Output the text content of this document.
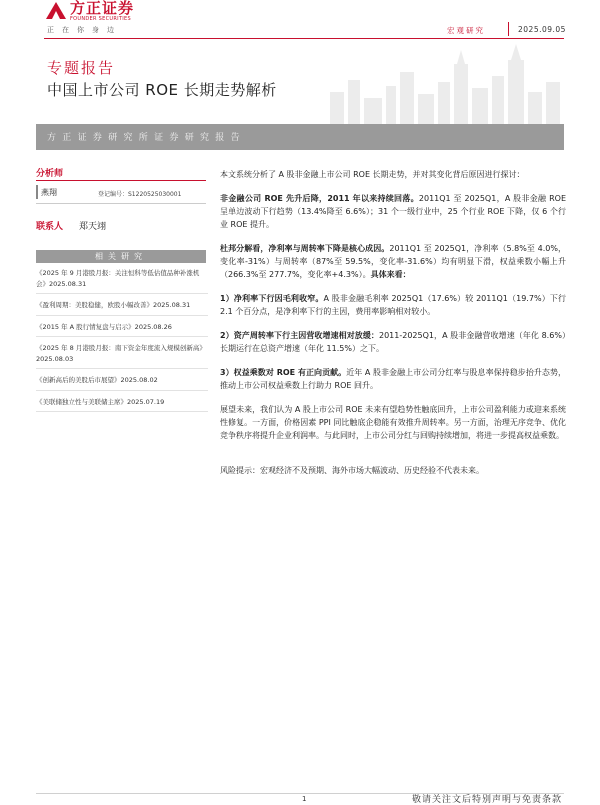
方正证券
FOUNDER SECURITIES
正在你身边	宏观研究	2025.09.05
专题报告
中国上市公司 ROE 长期走势解析
方正证券研究所证券研究报告
分析师
燕翔	登记编号：S1220525030001
联系人 郑天翊
相关研究
《2025 年 9 月港股月报：关注恒科等低估值品种补涨机会》2025.08.31
《盈利周期：美股稳健，欧股小幅改善》2025.08.31
《2015 年 A 股行情复盘与启示》2025.08.26
《2025 年 8 月港股月报：南下资金年度流入规模创新高》2025.08.03
《创新高后的美股后市展望》2025.08.02
《美联储独立性与美联储主席》2025.07.19

本文系统分析了 A 股非金融上市公司 ROE 长期走势，并对其变化背后原因进行探讨：

非金融公司 ROE 先升后降，2011 年以来持续回落。2011Q1 至 2025Q1，A 股非金融 ROE 呈单边波动下行趋势（13.4%降至 6.6%）；31 个一级行业中，25 个行业 ROE 下降，仅 6 个行业 ROE 提升。

杜邦分解看，净利率与周转率下降是核心成因。2011Q1 至 2025Q1，净利率（5.8%至 4.0%，变化率-31%）与周转率（87%至 59.5%，变化率-31.6%）均有明显下滑，权益乘数小幅上升（266.3%至 277.7%，变化率+4.3%）。具体来看：

1）净利率下行因毛利收窄。A 股非金融毛利率 2025Q1（17.6%）较 2011Q1（19.7%）下行 2.1 个百分点，是净利率下行的主因，费用率影响相对较小。

2）资产周转率下行主因营收增速相对放缓：2011-2025Q1，A 股非金融营收增速（年化 8.6%）长期运行在总资产增速（年化 11.5%）之下。

3）权益乘数对 ROE 有正向贡献。近年 A 股非金融上市公司分红率与股息率保持稳步抬升态势，推动上市公司权益乘数上行助力 ROE 回升。

展望未来，我们认为 A 股上市公司 ROE 未来有望趋势性触底回升，上市公司盈利能力或迎来系统性修复。一方面，价格因素 PPI 同比触底企稳能有效推升周转率。另一方面，治理无序竞争、优化竞争秩序将提升企业利润率。与此同时，上市公司分红与回购持续增加，将进一步提高权益乘数。

风险提示：宏观经济不及预期、海外市场大幅波动、历史经验不代表未来。

1	敬请关注文后特别声明与免责条款
